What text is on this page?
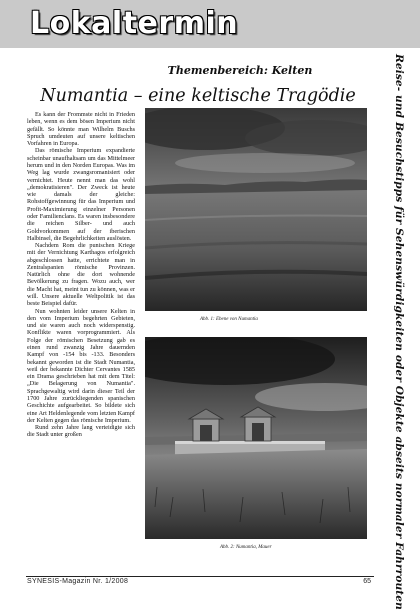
Lokaltermin
Reise- und Besuchstipps für Sehenswürdigkeiten oder Objekte abseits normaler Fahrrouten
Themenbereich: Kelten
Numantia – eine keltische Tragödie

Es kann der Frommste nicht in Frieden leben, wenn es dem bösen Imperium nicht gefällt. So könnte man Wilhelm Buschs Spruch umdeuten auf unsere keltischen Vorfahren in Europa.

Das römische Imperium expandierte scheinbar unaufhaltsam um das Mittelmeer herum und in den Norden Europas. Was im Weg lag wurde zwangsromanisiert oder vernichtet. Heute nennt man das wohl „demokratisieren". Der Zweck ist heute wie damals der gleiche: Rohstoffgewinnung für das Imperium und Profit-Maximierung einzelner Personen oder Familienclans. Es waren insbesondere die reichen Silber- und auch Goldvorkommen auf der iberischen Halbinsel, die Begehrlichkeiten auslösten.

Nachdem Rom die punischen Kriege mit der Vernichtung Karthagos erfolgreich abgeschlossen hatte, errichtete man in Zentralspanien römische Provinzen. Natürlich ohne die dort wohnende Bevölkerung zu fragen. Wozu auch, wer die Macht hat, meint tun zu können, was er will. Unsere aktuelle Weltpolitik ist das beste Beispiel dafür.

Nun wohnten leider unsere Kelten in den vom Imperium begehrten Gebieten, und sie waren auch noch widerspenstig. Konflikte waren vorprogrammiert. Als Folge der römischen Besetzung gab es einen rund zwanzig Jahre dauernden Kampf von -154 bis -133. Besonders bekannt geworden ist die Stadt Numantia, weil der bekannte Dichter Cervantes 1585 ein Drama geschrieben hat mit dem Titel: „Die Belagerung von Numantia". Sprachgewaltig wird darin dieser Teil der 1700 Jahre zurückliegenden spanischen Geschichte aufgearbeitet. So bildete sich eine Art Heldenlegende vom letzten Kampf der Kelten gegen das römische Imperium.

Rund zehn Jahre lang verteidigte sich die Stadt unter großen

Abb. 1: Ebene von Numantia
Abb. 2: Numantia, Mauer
SYNESIS-Magazin Nr. 1/2008	65
